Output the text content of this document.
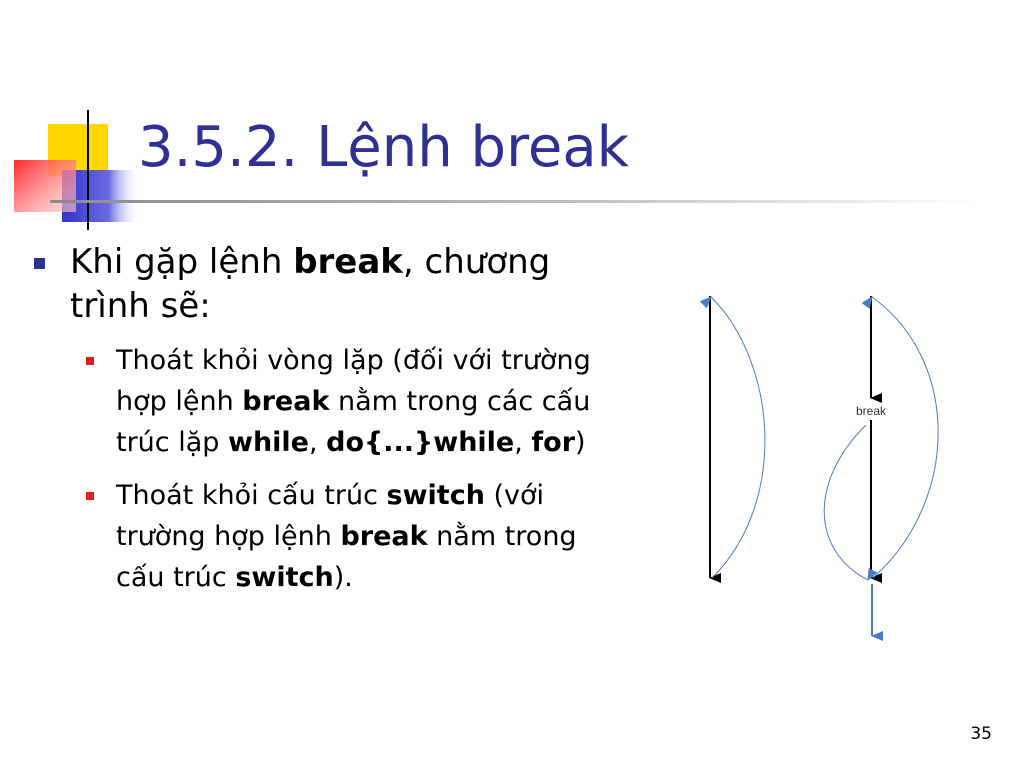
3.5.2. Lệnh break
Khi gặp lệnh break, chương trình sẽ:
Thoát khỏi vòng lặp (đối với trường hợp lệnh break nằm trong các cấu trúc lặp while, do{...}while, for)
Thoát khỏi cấu trúc switch (với trường hợp lệnh break nằm trong cấu trúc switch).
break
35
